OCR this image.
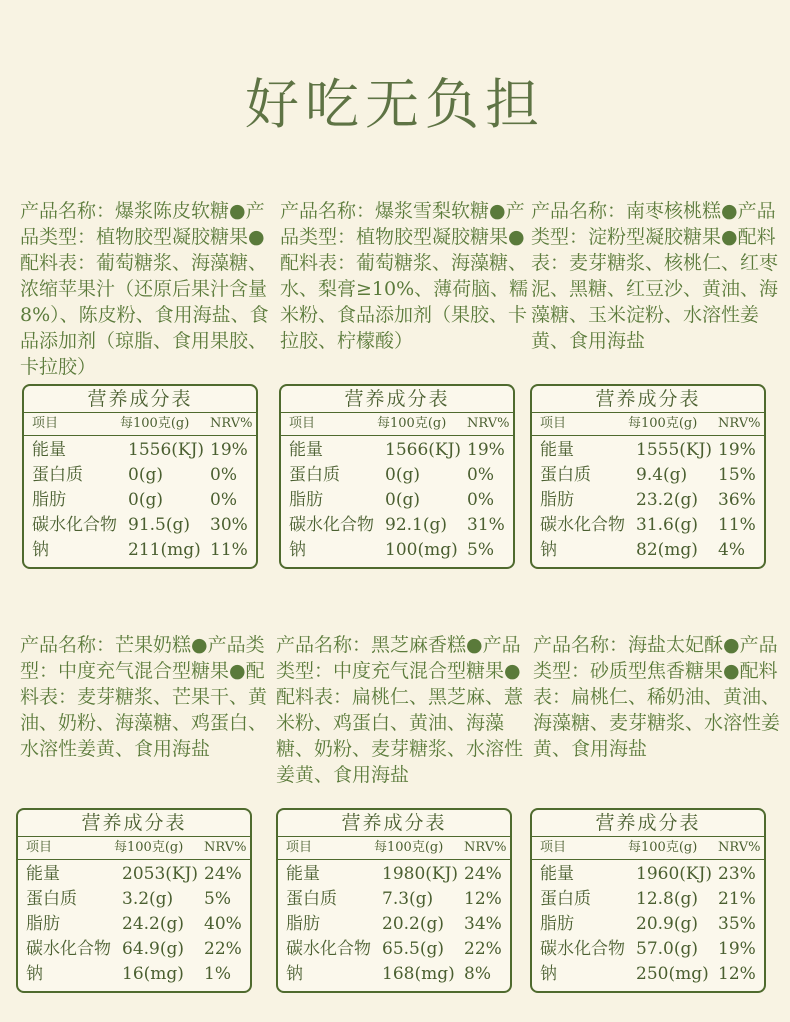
好吃无负担

产品名称：爆浆陈皮软糖●产品类型：植物胶型凝胶糖果●配料表：葡萄糖浆、海藻糖、浓缩苹果汁（还原后果汁含量8%）、陈皮粉、食用海盐、食品添加剂（琼脂、食用果胶、卡拉胶）

产品名称：爆浆雪梨软糖●产品类型：植物胶型凝胶糖果●配料表：葡萄糖浆、海藻糖、水、梨膏≥10%、薄荷脑、糯米粉、食品添加剂（果胶、卡拉胶、柠檬酸）

产品名称：南枣核桃糕●产品类型：淀粉型凝胶糖果●配料表：麦芽糖浆、核桃仁、红枣泥、黑糖、红豆沙、黄油、海藻糖、玉米淀粉、水溶性姜黄、食用海盐

产品名称：芒果奶糕●产品类型：中度充气混合型糖果●配料表：麦芽糖浆、芒果干、黄油、奶粉、海藻糖、鸡蛋白、水溶性姜黄、食用海盐

产品名称：黑芝麻香糕●产品类型：中度充气混合型糖果●配料表：扁桃仁、黑芝麻、薏米粉、鸡蛋白、黄油、海藻糖、奶粉、麦芽糖浆、水溶性姜黄、食用海盐

产品名称：海盐太妃酥●产品类型：砂质型焦香糖果●配料表：扁桃仁、稀奶油、黄油、海藻糖、麦芽糖浆、水溶性姜黄、食用海盐

营养成分表
项目	每100克(g)	NRV%
能量	1556(KJ) 19%
蛋白质	0(g)	0%
脂肪	0(g)	0%
碳水化合物 91.5(g)	30%
钠	211(mg) 11%
营养成分表
项目	每100克(g)	NRV%
能量	1566(KJ) 19%
蛋白质	0(g)	0%
脂肪	0(g)	0%
碳水化合物 92.1(g)	31%
钠	100(mg) 5%
营养成分表
项目	每100克(g)	NRV%
能量	1555(KJ) 19%
蛋白质	9.4(g)	15%
脂肪	23.2(g)	36%
碳水化合物 31.6(g)	11%
钠	82(mg)	4%
营养成分表
项目	每100克(g)	NRV%
能量	2053(KJ) 24%
蛋白质	3.2(g)	5%
脂肪	24.2(g)	40%
碳水化合物 64.9(g)	22%
钠	16(mg)	1%
营养成分表
项目	每100克(g)	NRV%
能量	1980(KJ) 24%
蛋白质	7.3(g)	12%
脂肪	20.2(g)	34%
碳水化合物 65.5(g)	22%
钠	168(mg) 8%
营养成分表
项目	每100克(g)	NRV%
能量	1960(KJ) 23%
蛋白质	12.8(g)	21%
脂肪	20.9(g)	35%
碳水化合物 57.0(g)	19%
钠	250(mg) 12%
